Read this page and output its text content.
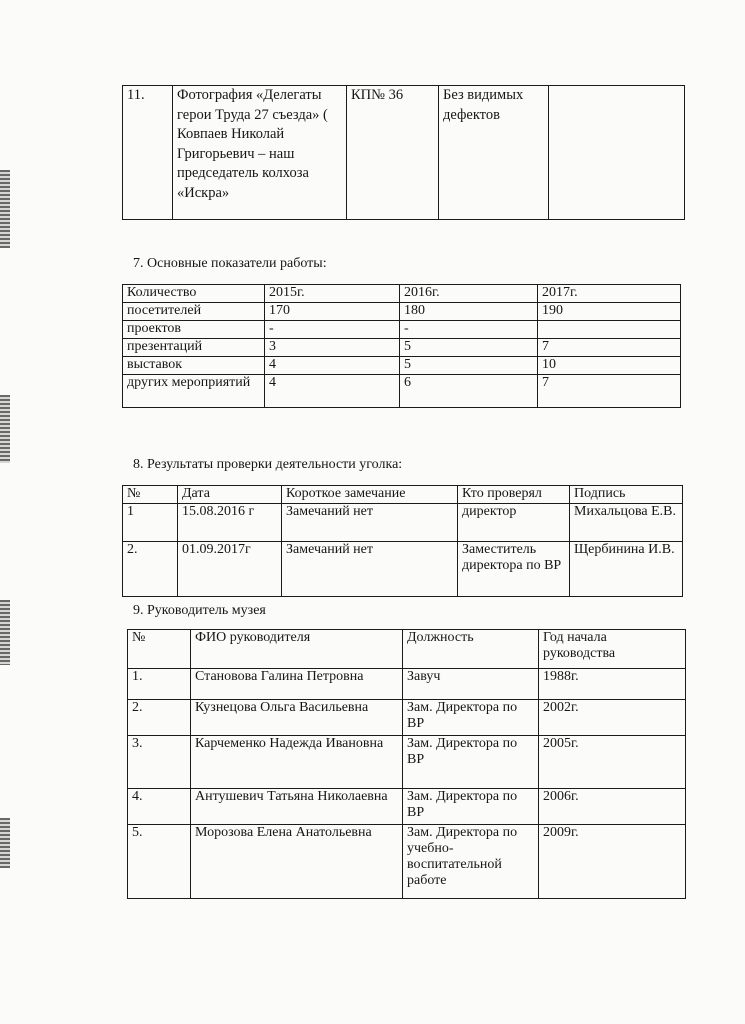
11.	Фотография «Делегаты герои Труда 27 съезда» ( Ковпаев Николай Григорьевич – наш председатель колхоза «Искра»	КП№ 36	Без видимых дефектов	

7. Основные показатели работы:

Количество	2015г.	2016г.	2017г.
посетителей	170	180	190
проектов	-	-	
презентаций	3	5	7
выставок	4	5	10
других мероприятий	4	6	7

8. Результаты проверки деятельности уголка:

№	Дата	Короткое замечание	Кто проверял	Подпись
1	15.08.2016 г	Замечаний нет	директор	Михальцова Е.В.
2.	01.09.2017г	Замечаний нет	Заместитель директора по ВР	Щербинина И.В.

9. Руководитель музея

№	ФИО руководителя	Должность	Год начала руководства
1.	Становова Галина Петровна	Завуч	1988г.
2.	Кузнецова Ольга Васильевна	Зам. Директора по ВР	2002г.
3.	Карчеменко Надежда Ивановна	Зам. Директора по ВР	2005г.
4.	Антушевич Татьяна Николаевна	Зам. Директора по ВР	2006г.
5.	Морозова Елена Анатольевна	Зам. Директора по учебно-воспитательной работе	2009г.
